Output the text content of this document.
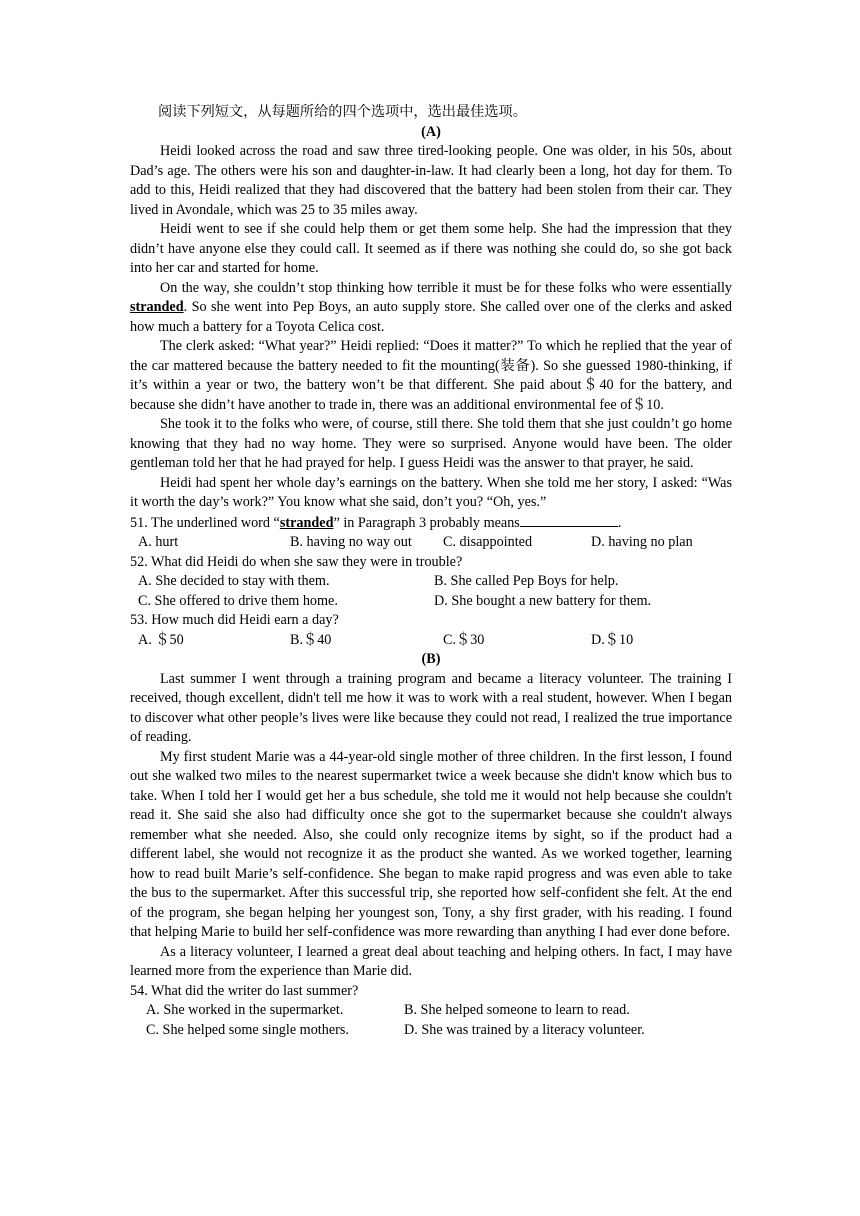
阅读下列短文，从每题所给的四个选项中，选出最佳选项。

(A)

Heidi looked across the road and saw three tired-looking people. One was older, in his 50s, about Dad’s age. The others were his son and daughter-in-law. It had clearly been a long, hot day for them. To add to this, Heidi realized that they had discovered that the battery had been stolen from their car. They lived in Avondale, which was 25 to 35 miles away.

Heidi went to see if she could help them or get them some help. She had the impression that they didn’t have anyone else they could call. It seemed as if there was nothing she could do, so she got back into her car and started for home.

On the way, she couldn’t stop thinking how terrible it must be for these folks who were essentially stranded. So she went into Pep Boys, an auto supply store. She called over one of the clerks and asked how much a battery for a Toyota Celica cost.

The clerk asked: “What year?” Heidi replied: “Does it matter?” To which he replied that the year of the car mattered because the battery needed to fit the mounting(装备). So she guessed 1980-thinking, if it’s within a year or two, the battery won’t be that different. She paid about＄40 for the battery, and because she didn’t have another to trade in, there was an additional environmental fee of＄10.

She took it to the folks who were, of course, still there. She told them that she just couldn’t go home knowing that they had no way home. They were so surprised. Anyone would have been. The older gentleman told her that he had prayed for help. I guess Heidi was the answer to that prayer, he said.

Heidi had spent her whole day’s earnings on the battery. When she told me her story, I asked: “Was it worth the day’s work?” You know what she said, don’t you? “Oh, yes.”

51. The underlined word “stranded” in Paragraph 3 probably means	.

A. hurt	B. having no way out	C. disappointed	D. having no plan

52. What did Heidi do when she saw they were in trouble?

A. She decided to stay with them.	B. She called Pep Boys for help.
C. She offered to drive them home.	D. She bought a new battery for them.

53. How much did Heidi earn a day?

A. ＄50	B.＄40	C.＄30	D.＄10
(B)

Last summer I went through a training program and became a literacy volunteer. The training I received, though excellent, didn't tell me how it was to work with a real student, however. When I began to discover what other people’s lives were like because they could not read, I realized the true importance of reading.

My first student Marie was a 44-year-old single mother of three children. In the first lesson, I found out she walked two miles to the nearest supermarket twice a week because she didn't know which bus to take. When I told her I would get her a bus schedule, she told me it would not help because she couldn't read it. She said she also had difficulty once she got to the supermarket because she couldn't always remember what she needed. Also, she could only recognize items by sight, so if the product had a different label, she would not recognize it as the product she wanted. As we worked together, learning how to read built Marie’s self-confidence. She began to make rapid progress and was even able to take the bus to the supermarket. After this successful trip, she reported how self-confident she felt. At the end of the program, she began helping her youngest son, Tony, a shy first grader, with his reading. I found that helping Marie to build her self-confidence was more rewarding than anything I had ever done before.

As a literacy volunteer, I learned a great deal about teaching and helping others. In fact, I may have learned more from the experience than Marie did.

54. What did the writer do last summer?

A. She worked in the supermarket.	B. She helped someone to learn to read.
C. She helped some single mothers.	D. She was trained by a literacy volunteer.
